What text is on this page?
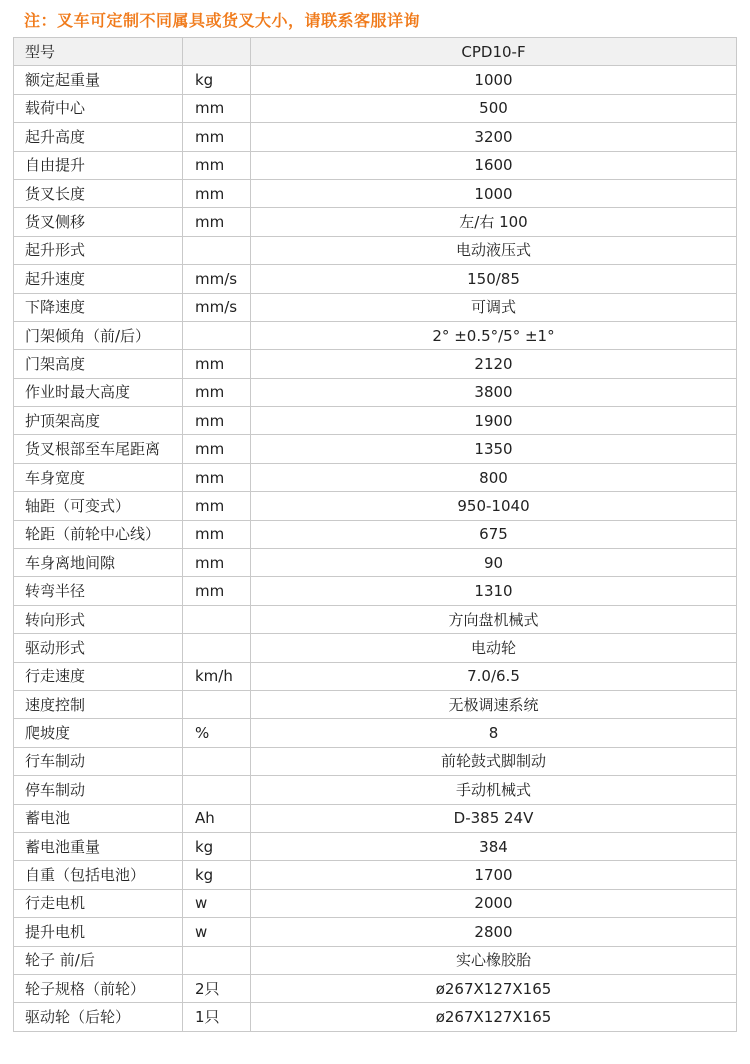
注：叉车可定制不同属具或货叉大小，请联系客服详询
型号		CPD10-F
额定起重量	kg	1000
载荷中心	mm	500
起升高度	mm	3200
自由提升	mm	1600
货叉长度	mm	1000
货叉侧移	mm	左/右 100
起升形式		电动液压式
起升速度	mm/s	150/85
下降速度	mm/s	可调式
门架倾角（前/后）		2° ±0.5°/5° ±1°
门架高度	mm	2120
作业时最大高度	mm	3800
护顶架高度	mm	1900
货叉根部至车尾距离	mm	1350
车身宽度	mm	800
轴距（可变式）	mm	950-1040
轮距（前轮中心线）	mm	675
车身离地间隙	mm	90
转弯半径	mm	1310
转向形式		方向盘机械式
驱动形式		电动轮
行走速度	km/h	7.0/6.5
速度控制		无极调速系统
爬坡度	%	8
行车制动		前轮鼓式脚制动
停车制动		手动机械式
蓄电池	Ah	D-385 24V
蓄电池重量	kg	384
自重（包括电池）	kg	1700
行走电机	w	2000
提升电机	w	2800
轮子 前/后		实心橡胶胎
轮子规格（前轮）	2只	ø267X127X165
驱动轮（后轮）	1只	ø267X127X165
